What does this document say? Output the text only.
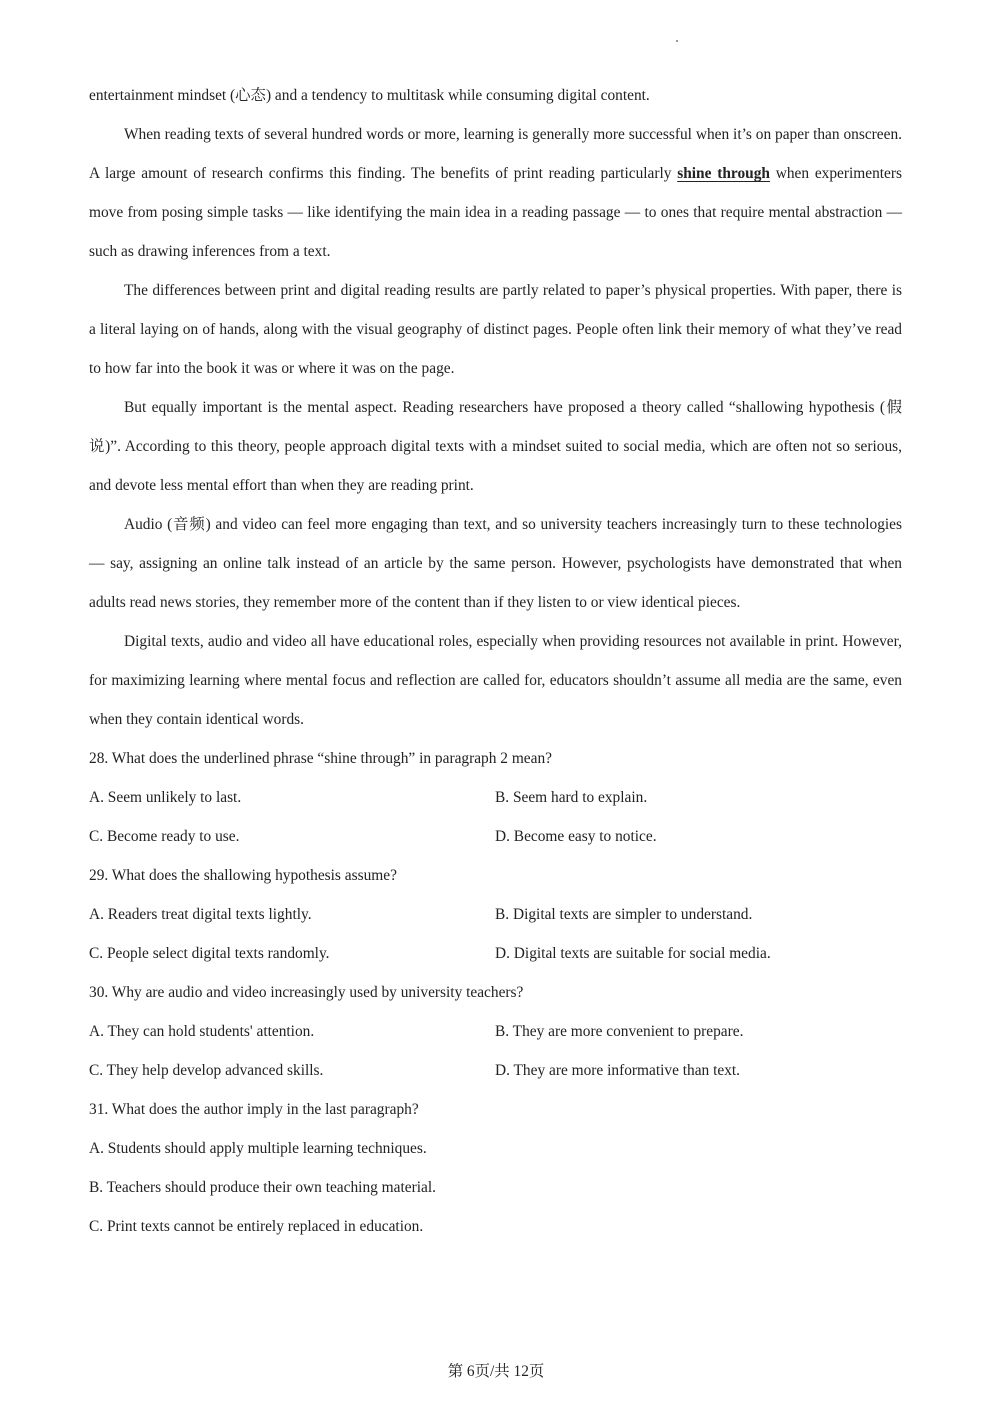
entertainment mindset (心态) and a tendency to multitask while consuming digital content.

When reading texts of several hundred words or more, learning is generally more successful when it’s on paper than onscreen. A large amount of research confirms this finding. The benefits of print reading particularly shine through when experimenters move from posing simple tasks — like identifying the main idea in a reading passage — to ones that require mental abstraction — such as drawing inferences from a text.

The differences between print and digital reading results are partly related to paper’s physical properties. With paper, there is a literal laying on of hands, along with the visual geography of distinct pages. People often link their memory of what they’ve read to how far into the book it was or where it was on the page.

But equally important is the mental aspect. Reading researchers have proposed a theory called “shallowing hypothesis (假说)”. According to this theory, people approach digital texts with a mindset suited to social media, which are often not so serious, and devote less mental effort than when they are reading print.

Audio (音频) and video can feel more engaging than text, and so university teachers increasingly turn to these technologies — say, assigning an online talk instead of an article by the same person. However, psychologists have demonstrated that when adults read news stories, they remember more of the content than if they listen to or view identical pieces.

Digital texts, audio and video all have educational roles, especially when providing resources not available in print. However, for maximizing learning where mental focus and reflection are called for, educators shouldn’t assume all media are the same, even when they contain identical words.

28. What does the underlined phrase “shine through” in paragraph 2 mean?

A. Seem unlikely to last.	B. Seem hard to explain.

C. Become ready to use.	D. Become easy to notice.

29. What does the shallowing hypothesis assume?

A. Readers treat digital texts lightly.	B. Digital texts are simpler to understand.

C. People select digital texts randomly.	D. Digital texts are suitable for social media.

30. Why are audio and video increasingly used by university teachers?

A. They can hold students' attention.	B. They are more convenient to prepare.

C. They help develop advanced skills.	D. They are more informative than text.

31. What does the author imply in the last paragraph?

A. Students should apply multiple learning techniques.

B. Teachers should produce their own teaching material.

C. Print texts cannot be entirely replaced in education.

第 6页/共 12页
